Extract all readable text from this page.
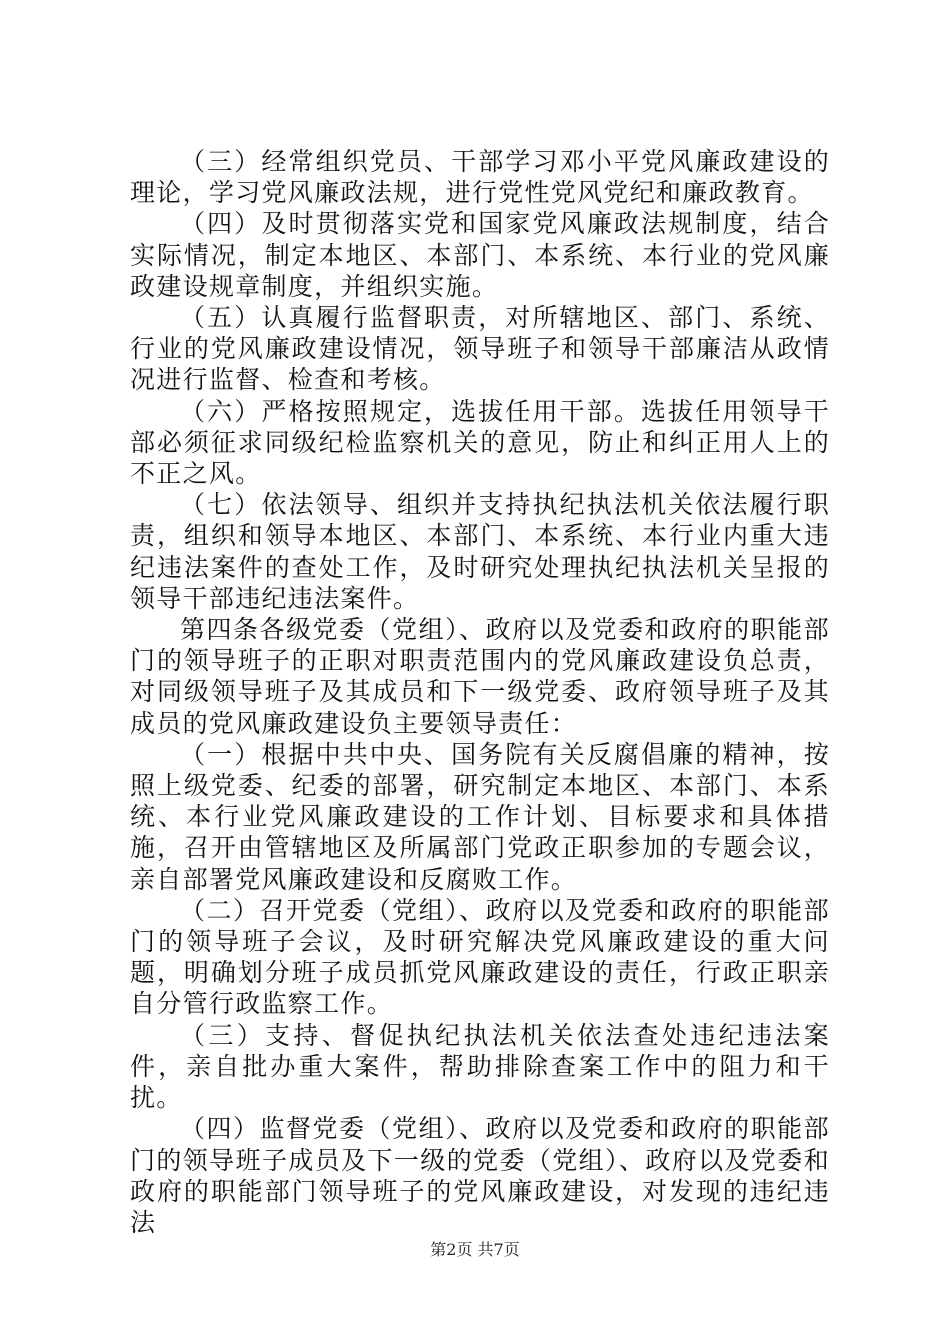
（三）经常组织党员、干部学习邓小平党风廉政建设的理论，学习党风廉政法规，进行党性党风党纪和廉政教育。

（四）及时贯彻落实党和国家党风廉政法规制度，结合实际情况，制定本地区、本部门、本系统、本行业的党风廉政建设规章制度，并组织实施。

（五）认真履行监督职责，对所辖地区、部门、系统、行业的党风廉政建设情况，领导班子和领导干部廉洁从政情况进行监督、检查和考核。

（六）严格按照规定，选拔任用干部。选拔任用领导干部必须征求同级纪检监察机关的意见，防止和纠正用人上的不正之风。

（七）依法领导、组织并支持执纪执法机关依法履行职责，组织和领导本地区、本部门、本系统、本行业内重大违纪违法案件的查处工作，及时研究处理执纪执法机关呈报的领导干部违纪违法案件。

第四条各级党委（党组）、政府以及党委和政府的职能部门的领导班子的正职对职责范围内的党风廉政建设负总责，对同级领导班子及其成员和下一级党委、政府领导班子及其成员的党风廉政建设负主要领导责任：

（一）根据中共中央、国务院有关反腐倡廉的精神，按照上级党委、纪委的部署，研究制定本地区、本部门、本系统、本行业党风廉政建设的工作计划、目标要求和具体措施，召开由管辖地区及所属部门党政正职参加的专题会议，亲自部署党风廉政建设和反腐败工作。

（二）召开党委（党组）、政府以及党委和政府的职能部门的领导班子会议，及时研究解决党风廉政建设的重大问题，明确划分班子成员抓党风廉政建设的责任，行政正职亲自分管行政监察工作。

（三）支持、督促执纪执法机关依法查处违纪违法案件，亲自批办重大案件，帮助排除查案工作中的阻力和干扰。

（四）监督党委（党组）、政府以及党委和政府的职能部门的领导班子成员及下一级的党委（党组）、政府以及党委和政府的职能部门领导班子的党风廉政建设，对发现的违纪违法

第2页 共7页
